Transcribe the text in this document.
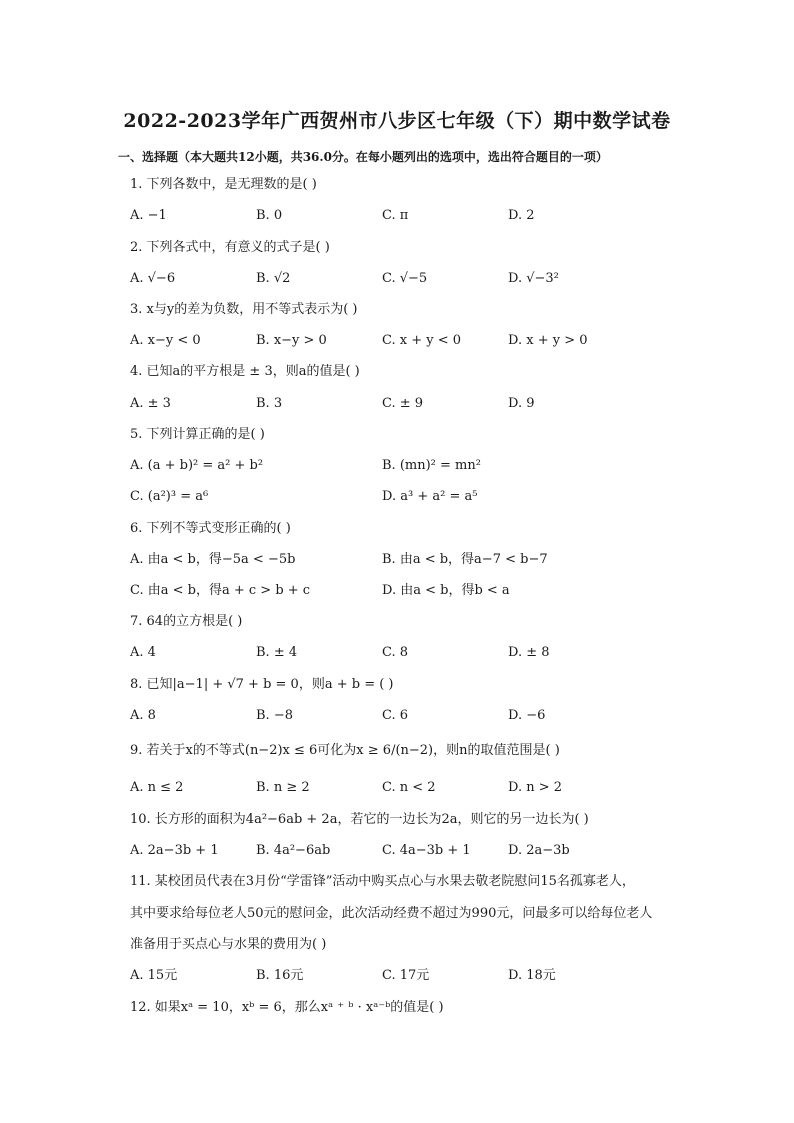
2022-2023学年广西贺州市八步区七年级（下）期中数学试卷
一、选择题（本大题共12小题，共36.0分。在每小题列出的选项中，选出符合题目的一项）
1. 下列各数中，是无理数的是( )
A. −1	B. 0	C. π	D. 2
2. 下列各式中，有意义的式子是( )
A. √−6	B. √2	C. √−5	D. √−3²
3. x与y的差为负数，用不等式表示为( )
A. x−y < 0	B. x−y > 0	C. x + y < 0	D. x + y > 0
4. 已知a的平方根是 ± 3，则a的值是( )
A. ± 3	B. 3	C. ± 9	D. 9
5. 下列计算正确的是( )
A. (a + b)² = a² + b²	B. (mn)² = mn²
C. (a²)³ = a⁶	D. a³ + a² = a⁵
6. 下列不等式变形正确的( )
A. 由a < b，得−5a < −5b	B. 由a < b，得a−7 < b−7
C. 由a < b，得a + c > b + c	D. 由a < b，得b < a
7. 64的立方根是( )
A. 4	B. ± 4	C. 8	D. ± 8
8. 已知|a−1| + √7 + b = 0，则a + b = ( )
A. 8	B. −8	C. 6	D. −6
9. 若关于x的不等式(n−2)x ≤ 6可化为x ≥ 6/(n−2)，则n的取值范围是( )
A. n ≤ 2	B. n ≥ 2	C. n < 2	D. n > 2
10. 长方形的面积为4a²−6ab + 2a，若它的一边长为2a，则它的另一边长为( )
A. 2a−3b + 1	B. 4a²−6ab	C. 4a−3b + 1	D. 2a−3b
11. 某校团员代表在3月份“学雷锋”活动中购买点心与水果去敬老院慰问15名孤寡老人，
其中要求给每位老人50元的慰问金，此次活动经费不超过为990元，问最多可以给每位老人
准备用于买点心与水果的费用为( )
A. 15元	B. 16元	C. 17元	D. 18元
12. 如果xᵃ = 10，xᵇ = 6，那么xᵃ ⁺ ᵇ · xᵃ⁻ᵇ的值是( )
